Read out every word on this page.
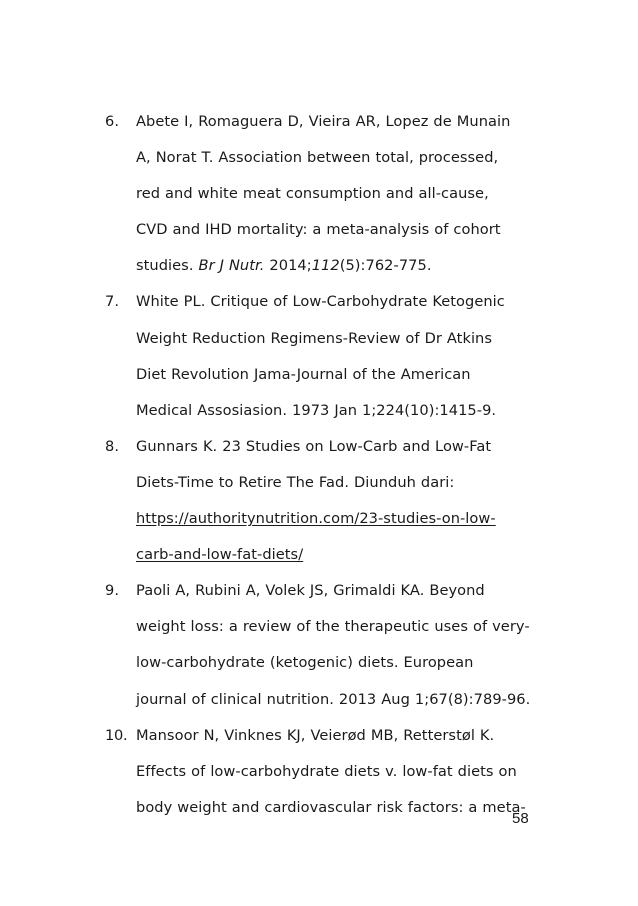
6. Abete I, Romaguera D, Vieira AR, Lopez de Munain
A, Norat T. Association between total, processed,
red and white meat consumption and all-cause,
CVD and IHD mortality: a meta-analysis of cohort
studies. Br J Nutr. 2014;112(5):762-775.
7. White PL. Critique of Low-Carbohydrate Ketogenic
Weight Reduction Regimens-Review of Dr Atkins
Diet Revolution Jama-Journal of the American
Medical Assosiasion. 1973 Jan 1;224(10):1415-9.
8. Gunnars K. 23 Studies on Low-Carb and Low-Fat
Diets-Time to Retire The Fad. Diunduh dari:
https://authoritynutrition.com/23-studies-on-low-
carb-and-low-fat-diets/
9. Paoli A, Rubini A, Volek JS, Grimaldi KA. Beyond
weight loss: a review of the therapeutic uses of very-
low-carbohydrate (ketogenic) diets. European
journal of clinical nutrition. 2013 Aug 1;67(8):789-96.
10. Mansoor N, Vinknes KJ, Veierød MB, Retterstøl K.
Effects of low-carbohydrate diets v. low-fat diets on
body weight and cardiovascular risk factors: a meta-
58
